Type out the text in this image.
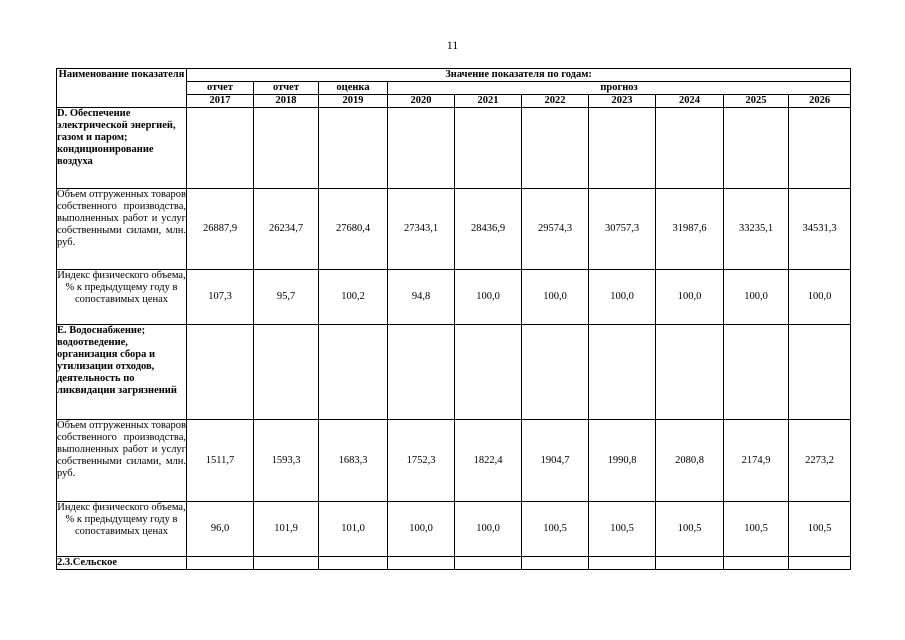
11
Наименование показателя	Значение показателя по годам:									
	отчет	отчет	оценка	прогноз						
	2017	2018	2019	2020	2021	2022	2023	2024	2025	2026
D. Обеспечение электрической энергией, газом и паром; кондиционирование воздуха										
Объем отгруженных товаров собственного производства, выполненных работ и услуг собственными силами, млн. руб.	26887,9	26234,7	27680,4	27343,1	28436,9	29574,3	30757,3	31987,6	33235,1	34531,3
Индекс физического объема, % к предыдущему году в сопоставимых ценах	107,3	95,7	100,2	94,8	100,0	100,0	100,0	100,0	100,0	100,0
E. Водоснабжение; водоотведение, организация сбора и утилизации отходов, деятельность по ликвидации загрязнений										
Объем отгруженных товаров собственного производства, выполненных работ и услуг собственными силами, млн. руб.	1511,7	1593,3	1683,3	1752,3	1822,4	1904,7	1990,8	2080,8	2174,9	2273,2
Индекс физического объема, % к предыдущему году в сопоставимых ценах	96,0	101,9	101,0	100,0	100,0	100,5	100,5	100,5	100,5	100,5
2.3.Сельское										
